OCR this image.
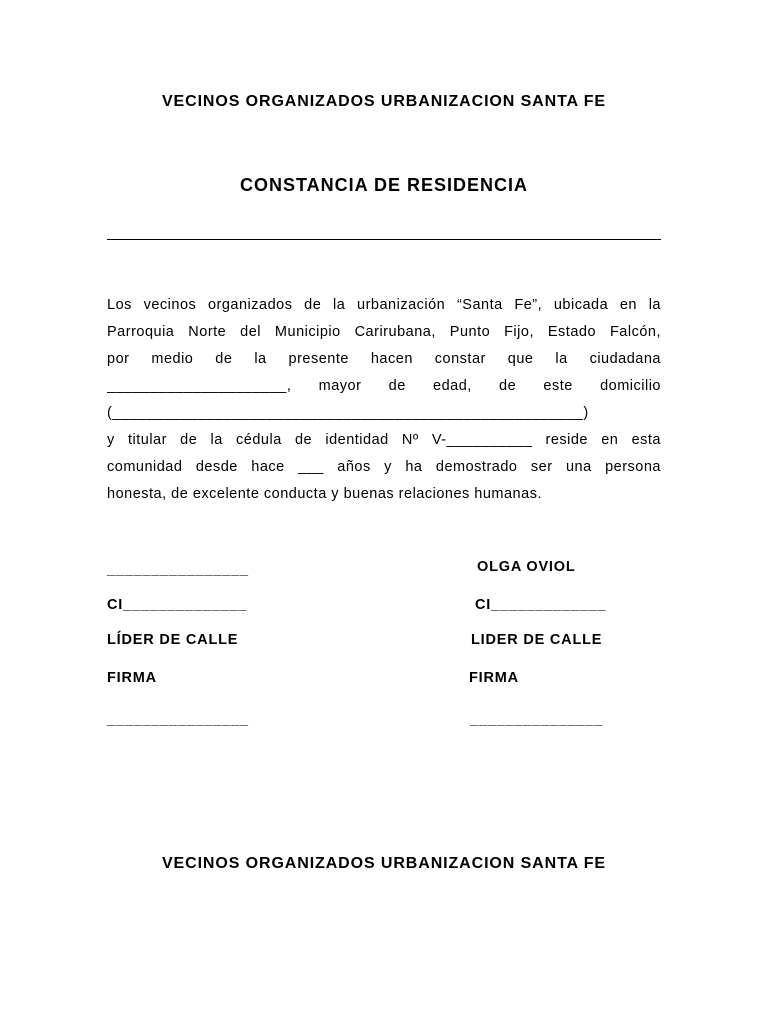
VECINOS ORGANIZADOS URBANIZACION SANTA FE
CONSTANCIA DE RESIDENCIA
Los vecinos organizados de la urbanización “Santa Fe”, ubicada en la
Parroquia Norte del Municipio Carirubana, Punto Fijo, Estado Falcón,
por medio de la presente hacen constar que la ciudadana
_____________________, mayor de edad, de este domicilio
(_______________________________________________________)
y titular de la cédula de identidad Nº V-__________ reside en esta
comunidad desde hace ___ años y ha demostrado ser una persona
honesta, de excelente conducta y buenas relaciones humanas.
________________
CI______________
LÍDER DE CALLE
FIRMA
________________
OLGA OVIOL
CI_____________
LIDER DE CALLE
FIRMA
_______________
VECINOS ORGANIZADOS URBANIZACION SANTA FE
